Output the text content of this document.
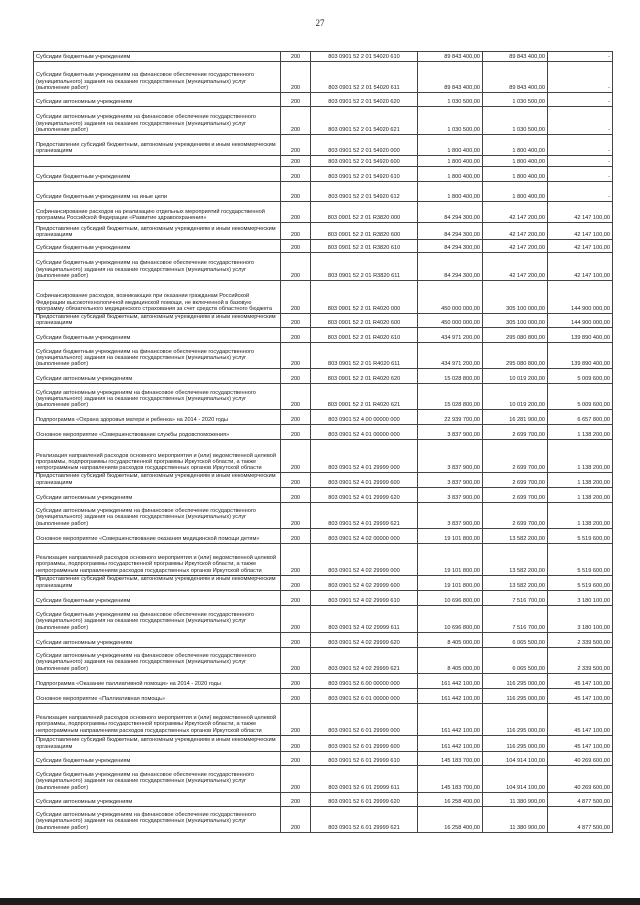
27
Субсидии бюджетным учреждениям	200	803 0901 52 2 01 54020 610	89 843 400,00	89 843 400,00	-
Субсидии бюджетным учреждениям на финансовое обеспечение государственного (муниципального) задания на оказание государственных (муниципальных) услуг (выполнение работ)	200	803 0901 52 2 01 54020 611	89 843 400,00	89 843 400,00	-
Субсидии автономным учреждениям	200	803 0901 52 2 01 54020 620	1 030 500,00	1 030 500,00	-
Субсидии автономным учреждениям на финансовое обеспечение государственного (муниципального) задания на оказание государственных (муниципальных) услуг (выполнение работ)	200	803 0901 52 2 01 54020 621	1 030 500,00	1 030 500,00	-
Предоставление субсидий бюджетным, автономным учреждениям и иным некоммерческим организациям	200	803 0901 52 2 01 54920 000	1 800 400,00	1 800 400,00	-
	200	803 0901 52 2 01 54920 600	1 800 400,00	1 800 400,00	-
Субсидии бюджетным учреждениям	200	803 0901 52 2 01 54920 610	1 800 400,00	1 800 400,00	-
Субсидии бюджетным учреждениям на иные цели	200	803 0901 52 2 01 54920 612	1 800 400,00	1 800 400,00	-
Софинансирование расходов на реализацию отдельных мероприятий государственной программы Российской Федерации «Развитие здравоохранения»	200	803 0901 52 2 01 R3820 000	84 294 300,00	42 147 200,00	42 147 100,00
Предоставление субсидий бюджетным, автономным учреждениям и иным некоммерческим организациям	200	803 0901 52 2 01 R3820 600	84 294 300,00	42 147 200,00	42 147 100,00
Субсидии бюджетным учреждениям	200	803 0901 52 2 01 R3820 610	84 294 300,00	42 147 200,00	42 147 100,00
Субсидии бюджетным учреждениям на финансовое обеспечение государственного (муниципального) задания на оказание государственных (муниципальных) услуг (выполнение работ)	200	803 0901 52 2 01 R3820 611	84 294 300,00	42 147 200,00	42 147 100,00
Софинансирование расходов, возникающих при оказании гражданам Российской Федерации высокотехнологичной медицинской помощи, не включенной в базовую программу обязательного медицинского страхования за счет средств областного бюджета	200	803 0901 52 2 01 R4020 000	450 000 000,00	305 100 000,00	144 900 000,00
Предоставление субсидий бюджетным, автономным учреждениям и иным некоммерческим организациям	200	803 0901 52 2 01 R4020 600	450 000 000,00	305 100 000,00	144 900 000,00
Субсидии бюджетным учреждениям	200	803 0901 52 2 01 R4020 610	434 971 200,00	295 080 800,00	139 890 400,00
Субсидии бюджетным учреждениям на финансовое обеспечение государственного (муниципального) задания на оказание государственных (муниципальных) услуг (выполнение работ)	200	803 0901 52 2 01 R4020 611	434 971 200,00	295 080 800,00	139 890 400,00
Субсидии автономным учреждениям	200	803 0901 52 2 01 R4020 620	15 028 800,00	10 019 200,00	5 009 600,00
Субсидии автономным учреждениям на финансовое обеспечение государственного (муниципального) задания на оказание государственных (муниципальных) услуг (выполнение работ)	200	803 0901 52 2 01 R4020 621	15 028 800,00	10 019 200,00	5 009 600,00
Подпрограмма «Охрана здоровья матери и ребенка» на 2014 - 2020 годы	200	803 0901 52 4 00 00000 000	22 939 700,00	16 281 900,00	6 657 800,00
Основное мероприятие «Совершенствование службы родовспоможения»	200	803 0901 52 4 01 00000 000	3 837 900,00	2 699 700,00	1 138 200,00
Реализация направлений расходов основного мероприятия и (или) ведомственной целевой программы, подпрограммы государственной программы Иркутской области, а также непрограммным направлениям расходов государственных органов Иркутской области	200	803 0901 52 4 01 29999 000	3 837 900,00	2 699 700,00	1 138 200,00
Предоставление субсидий бюджетным, автономным учреждениям и иным некоммерческим организациям	200	803 0901 52 4 01 29999 600	3 837 900,00	2 699 700,00	1 138 200,00
Субсидии автономным учреждениям	200	803 0901 52 4 01 29999 620	3 837 900,00	2 699 700,00	1 138 200,00
Субсидии автономным учреждениям на финансовое обеспечение государственного (муниципального) задания на оказание государственных (муниципальных) услуг (выполнение работ)	200	803 0901 52 4 01 29999 621	3 837 900,00	2 699 700,00	1 138 200,00
Основное мероприятие «Совершенствование оказания медицинской помощи детям»	200	803 0901 52 4 02 00000 000	19 101 800,00	13 582 200,00	5 519 600,00
Реализация направлений расходов основного мероприятия и (или) ведомственной целевой программы, подпрограммы государственной программы Иркутской области, а также непрограммным направлениям расходов государственных органов Иркутской области	200	803 0901 52 4 02 29999 000	19 101 800,00	13 582 200,00	5 519 600,00
Предоставление субсидий бюджетным, автономным учреждениям и иным некоммерческим организациям	200	803 0901 52 4 02 29999 600	19 101 800,00	13 582 200,00	5 519 600,00
Субсидии бюджетным учреждениям	200	803 0901 52 4 02 29999 610	10 696 800,00	7 516 700,00	3 180 100,00
Субсидии бюджетным учреждениям на финансовое обеспечение государственного (муниципального) задания на оказание государственных (муниципальных) услуг (выполнение работ)	200	803 0901 52 4 02 29999 611	10 696 800,00	7 516 700,00	3 180 100,00
Субсидии автономным учреждениям	200	803 0901 52 4 02 29999 620	8 405 000,00	6 065 500,00	2 339 500,00
Субсидии автономным учреждениям на финансовое обеспечение государственного (муниципального) задания на оказание государственных (муниципальных) услуг (выполнение работ)	200	803 0901 52 4 02 29999 621	8 405 000,00	6 065 500,00	2 339 500,00
Подпрограмма «Оказание паллиативной помощи» на 2014 - 2020 годы	200	803 0901 52 6 00 00000 000	161 442 100,00	116 295 000,00	45 147 100,00
Основное мероприятие «Паллиативная помощь»	200	803 0901 52 6 01 00000 000	161 442 100,00	116 295 000,00	45 147 100,00
Реализация направлений расходов основного мероприятия и (или) ведомственной целевой программы, подпрограммы государственной программы Иркутской области, а также непрограммным направлениям расходов государственных органов Иркутской области	200	803 0901 52 6 01 29999 000	161 442 100,00	116 295 000,00	45 147 100,00
Предоставление субсидий бюджетным, автономным учреждениям и иным некоммерческим организациям	200	803 0901 52 6 01 29999 600	161 442 100,00	116 295 000,00	45 147 100,00
Субсидии бюджетным учреждениям	200	803 0901 52 6 01 29999 610	145 183 700,00	104 914 100,00	40 269 600,00
Субсидии бюджетным учреждениям на финансовое обеспечение государственного (муниципального) задания на оказание государственных (муниципальных) услуг (выполнение работ)	200	803 0901 52 6 01 29999 611	145 183 700,00	104 914 100,00	40 269 600,00
Субсидии автономным учреждениям	200	803 0901 52 6 01 29999 620	16 258 400,00	11 380 900,00	4 877 500,00
Субсидии автономным учреждениям на финансовое обеспечение государственного (муниципального) задания на оказание государственных (муниципальных) услуг (выполнение работ)	200	803 0901 52 6 01 29999 621	16 258 400,00	11 380 900,00	4 877 500,00
